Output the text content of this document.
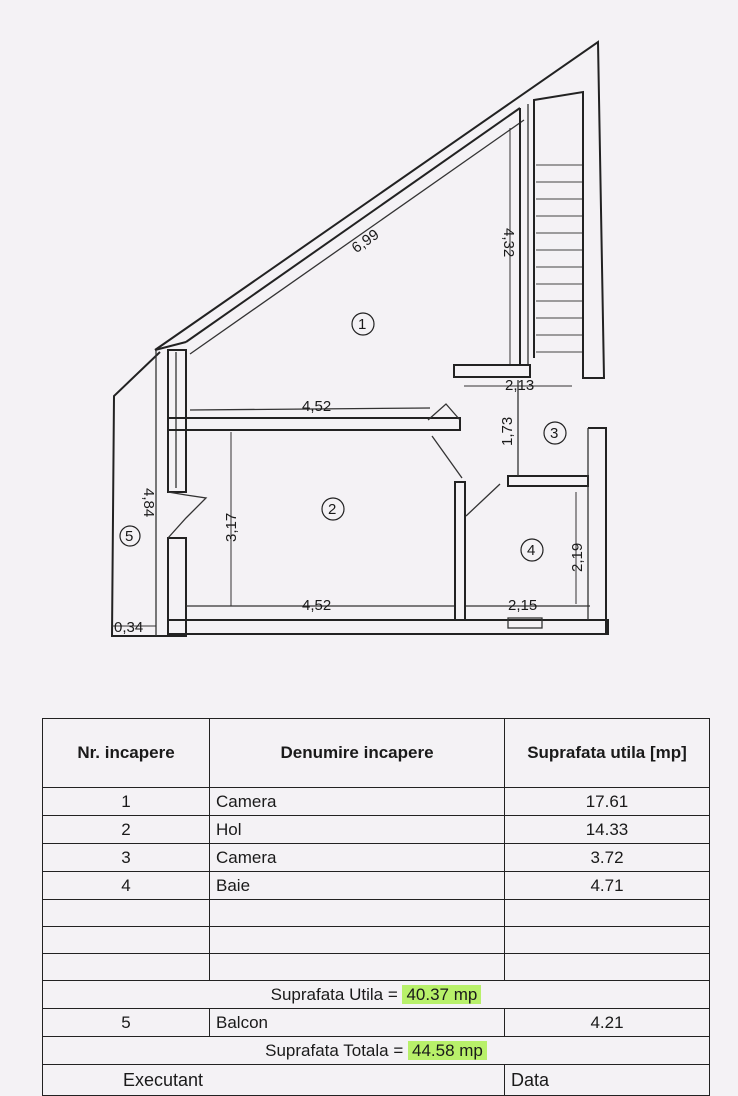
6,99	4,32
4,52
2,13
1,73
3,17
4,84
2,19
4,52	2,15
0,34
1
2
3
4
5
Nr. incapere	Denumire incapere	Suprafata utila [mp]
1	Camera	17.61
2	Hol	14.33
3	Camera	3.72
4	Baie	4.71

Suprafata Utila = 40.37 mp		
5	Balcon	4.21
Suprafata Totala = 44.58 mp		
Executant		Data
